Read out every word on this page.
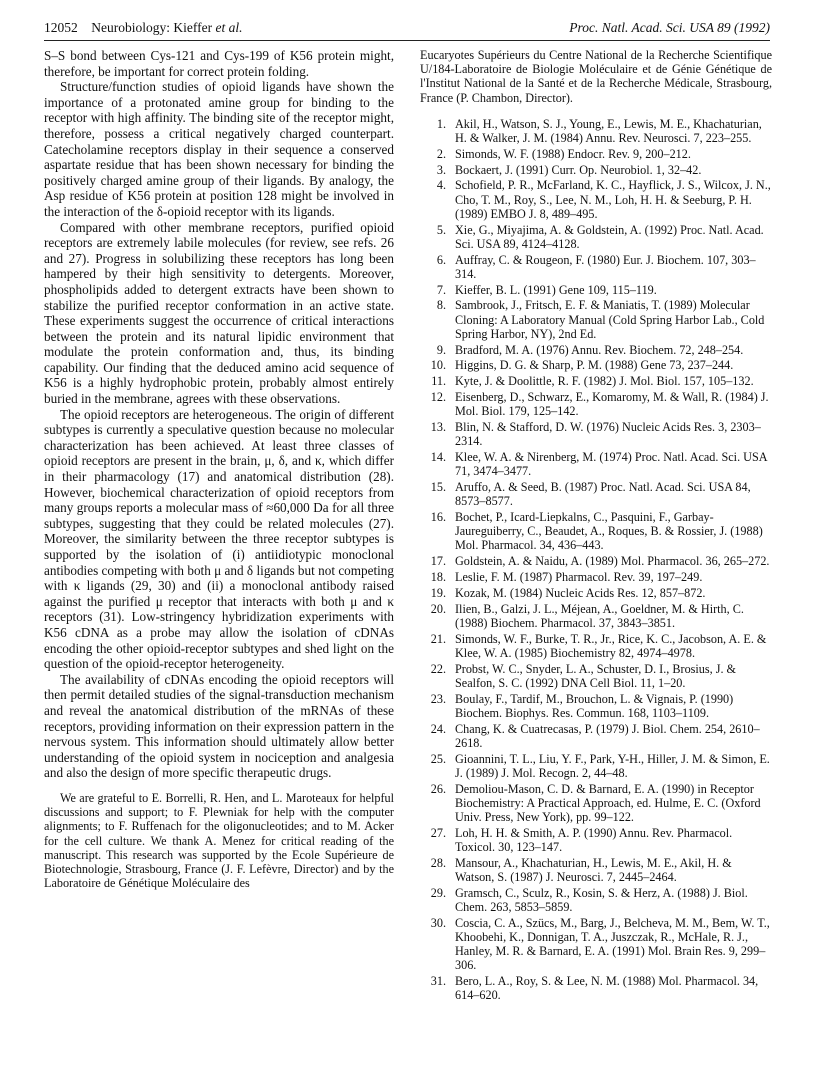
12052 Neurobiology: Kieffer et al.	Proc. Natl. Acad. Sci. USA 89 (1992)

S–S bond between Cys-121 and Cys-199 of K56 protein might, therefore, be important for correct protein folding.

Structure/function studies of opioid ligands have shown the importance of a protonated amine group for binding to the receptor with high affinity. The binding site of the receptor might, therefore, possess a critical negatively charged counterpart. Catecholamine receptors display in their sequence a conserved aspartate residue that has been shown necessary for binding the positively charged amine group of their ligands. By analogy, the Asp residue of K56 protein at position 128 might be involved in the interaction of the δ-opioid receptor with its ligands.

Compared with other membrane receptors, purified opioid receptors are extremely labile molecules (for review, see refs. 26 and 27). Progress in solubilizing these receptors has long been hampered by their high sensitivity to detergents. Moreover, phospholipids added to detergent extracts have been shown to stabilize the purified receptor conformation in an active state. These experiments suggest the occurrence of critical interactions between the protein and its natural lipidic environment that modulate the protein conformation and, thus, its binding capability. Our finding that the deduced amino acid sequence of K56 is a highly hydrophobic protein, probably almost entirely buried in the membrane, agrees with these observations.

The opioid receptors are heterogeneous. The origin of different subtypes is currently a speculative question because no molecular characterization has been achieved. At least three classes of opioid receptors are present in the brain, μ, δ, and κ, which differ in their pharmacology (17) and anatomical distribution (28). However, biochemical characterization of opioid receptors from many groups reports a molecular mass of ≈60,000 Da for all three subtypes, suggesting that they could be related molecules (27). Moreover, the similarity between the three receptor subtypes is supported by the isolation of (i) antiidiotypic monoclonal antibodies competing with both μ and δ ligands but not competing with κ ligands (29, 30) and (ii) a monoclonal antibody raised against the purified μ receptor that interacts with both μ and κ receptors (31). Low-stringency hybridization experiments with K56 cDNA as a probe may allow the isolation of cDNAs encoding the other opioid-receptor subtypes and shed light on the question of the opioid-receptor heterogeneity.

The availability of cDNAs encoding the opioid receptors will then permit detailed studies of the signal-transduction mechanism and reveal the anatomical distribution of the mRNAs of these receptors, providing information on their expression pattern in the nervous system. This information should ultimately allow better understanding of the opioid system in nociception and analgesia and also the design of more specific therapeutic drugs.

We are grateful to E. Borrelli, R. Hen, and L. Maroteaux for helpful discussions and support; to F. Plewniak for help with the computer alignments; to F. Ruffenach for the oligonucleotides; and to M. Acker for the cell culture. We thank A. Menez for critical reading of the manuscript. This research was supported by the Ecole Supérieure de Biotechnologie, Strasbourg, France (J. F. Lefèvre, Director) and by the Laboratoire de Génétique Moléculaire des

Eucaryotes Supérieurs du Centre National de la Recherche Scientifique U/184-Laboratoire de Biologie Moléculaire et de Génie Génétique de l'Institut National de la Santé et de la Recherche Médicale, Strasbourg, France (P. Chambon, Director).

1. Akil, H., Watson, S. J., Young, E., Lewis, M. E., Khachaturian, H. & Walker, J. M. (1984) Annu. Rev. Neurosci. 7, 223–255.
2. Simonds, W. F. (1988) Endocr. Rev. 9, 200–212.
3. Bockaert, J. (1991) Curr. Op. Neurobiol. 1, 32–42.
4. Schofield, P. R., McFarland, K. C., Hayflick, J. S., Wilcox, J. N., Cho, T. M., Roy, S., Lee, N. M., Loh, H. H. & Seeburg, P. H. (1989) EMBO J. 8, 489–495.
5. Xie, G., Miyajima, A. & Goldstein, A. (1992) Proc. Natl. Acad. Sci. USA 89, 4124–4128.
6. Auffray, C. & Rougeon, F. (1980) Eur. J. Biochem. 107, 303–314.
7. Kieffer, B. L. (1991) Gene 109, 115–119.
8. Sambrook, J., Fritsch, E. F. & Maniatis, T. (1989) Molecular Cloning: A Laboratory Manual (Cold Spring Harbor Lab., Cold Spring Harbor, NY), 2nd Ed.
9. Bradford, M. A. (1976) Annu. Rev. Biochem. 72, 248–254.
10. Higgins, D. G. & Sharp, P. M. (1988) Gene 73, 237–244.
11. Kyte, J. & Doolittle, R. F. (1982) J. Mol. Biol. 157, 105–132.
12. Eisenberg, D., Schwarz, E., Komaromy, M. & Wall, R. (1984) J. Mol. Biol. 179, 125–142.
13. Blin, N. & Stafford, D. W. (1976) Nucleic Acids Res. 3, 2303–2314.
14. Klee, W. A. & Nirenberg, M. (1974) Proc. Natl. Acad. Sci. USA 71, 3474–3477.
15. Aruffo, A. & Seed, B. (1987) Proc. Natl. Acad. Sci. USA 84, 8573–8577.
16. Bochet, P., Icard-Liepkalns, C., Pasquini, F., Garbay-Jaureguiberry, C., Beaudet, A., Roques, B. & Rossier, J. (1988) Mol. Pharmacol. 34, 436–443.
17. Goldstein, A. & Naidu, A. (1989) Mol. Pharmacol. 36, 265–272.
18. Leslie, F. M. (1987) Pharmacol. Rev. 39, 197–249.
19. Kozak, M. (1984) Nucleic Acids Res. 12, 857–872.
20. Ilien, B., Galzi, J. L., Méjean, A., Goeldner, M. & Hirth, C. (1988) Biochem. Pharmacol. 37, 3843–3851.
21. Simonds, W. F., Burke, T. R., Jr., Rice, K. C., Jacobson, A. E. & Klee, W. A. (1985) Biochemistry 82, 4974–4978.
22. Probst, W. C., Snyder, L. A., Schuster, D. I., Brosius, J. & Sealfon, S. C. (1992) DNA Cell Biol. 11, 1–20.
23. Boulay, F., Tardif, M., Brouchon, L. & Vignais, P. (1990) Biochem. Biophys. Res. Commun. 168, 1103–1109.
24. Chang, K. & Cuatrecasas, P. (1979) J. Biol. Chem. 254, 2610–2618.
25. Gioannini, T. L., Liu, Y. F., Park, Y-H., Hiller, J. M. & Simon, E. J. (1989) J. Mol. Recogn. 2, 44–48.
26. Demoliou-Mason, C. D. & Barnard, E. A. (1990) in Receptor Biochemistry: A Practical Approach, ed. Hulme, E. C. (Oxford Univ. Press, New York), pp. 99–122.
27. Loh, H. H. & Smith, A. P. (1990) Annu. Rev. Pharmacol. Toxicol. 30, 123–147.
28. Mansour, A., Khachaturian, H., Lewis, M. E., Akil, H. & Watson, S. (1987) J. Neurosci. 7, 2445–2464.
29. Gramsch, C., Sculz, R., Kosin, S. & Herz, A. (1988) J. Biol. Chem. 263, 5853–5859.
30. Coscia, C. A., Szücs, M., Barg, J., Belcheva, M. M., Bem, W. T., Khoobehi, K., Donnigan, T. A., Juszczak, R., McHale, R. J., Hanley, M. R. & Barnard, E. A. (1991) Mol. Brain Res. 9, 299–306.
31. Bero, L. A., Roy, S. & Lee, N. M. (1988) Mol. Pharmacol. 34, 614–620.
